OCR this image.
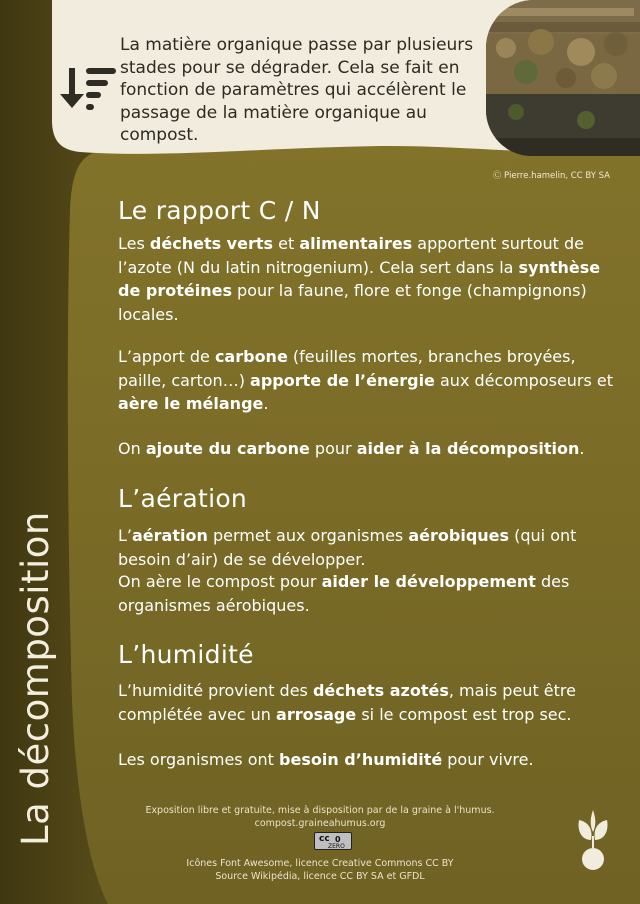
La matière organique passe par plusieurs stades pour se dégrader. Cela se fait en fonction de paramètres qui accélèrent le passage de la matière organique au compost.

Ⓒ Pierre.hamelin, CC BY SA
Le rapport C / N

Les déchets verts et alimentaires apportent surtout de l’azote (N du latin nitrogenium). Cela sert dans la synthèse de protéines pour la faune, flore et fonge (champignons) locales.

L’apport de carbone (feuilles mortes, branches broyées, paille, carton…) apporte de l’énergie aux décomposeurs et aère le mélange.

On ajoute du carbone pour aider à la décomposition.

L’aération

L’aération permet aux organismes aérobiques (qui ont besoin d’air) de se développer.

On aère le compost pour aider le développement des organismes aérobiques.

L’humidité

L’humidité provient des déchets azotés, mais peut être complétée avec un arrosage si le compost est trop sec.

Les organismes ont besoin d’humidité pour vivre.

La décomposition	Exposition libre et gratuite, mise à disposition par de la graine à l'humus.
compost.graineahumus.org
cc 0
ZERO
Icônes Font Awesome, licence Creative Commons CC BY
Source Wikipédia, licence CC BY SA et GFDL
